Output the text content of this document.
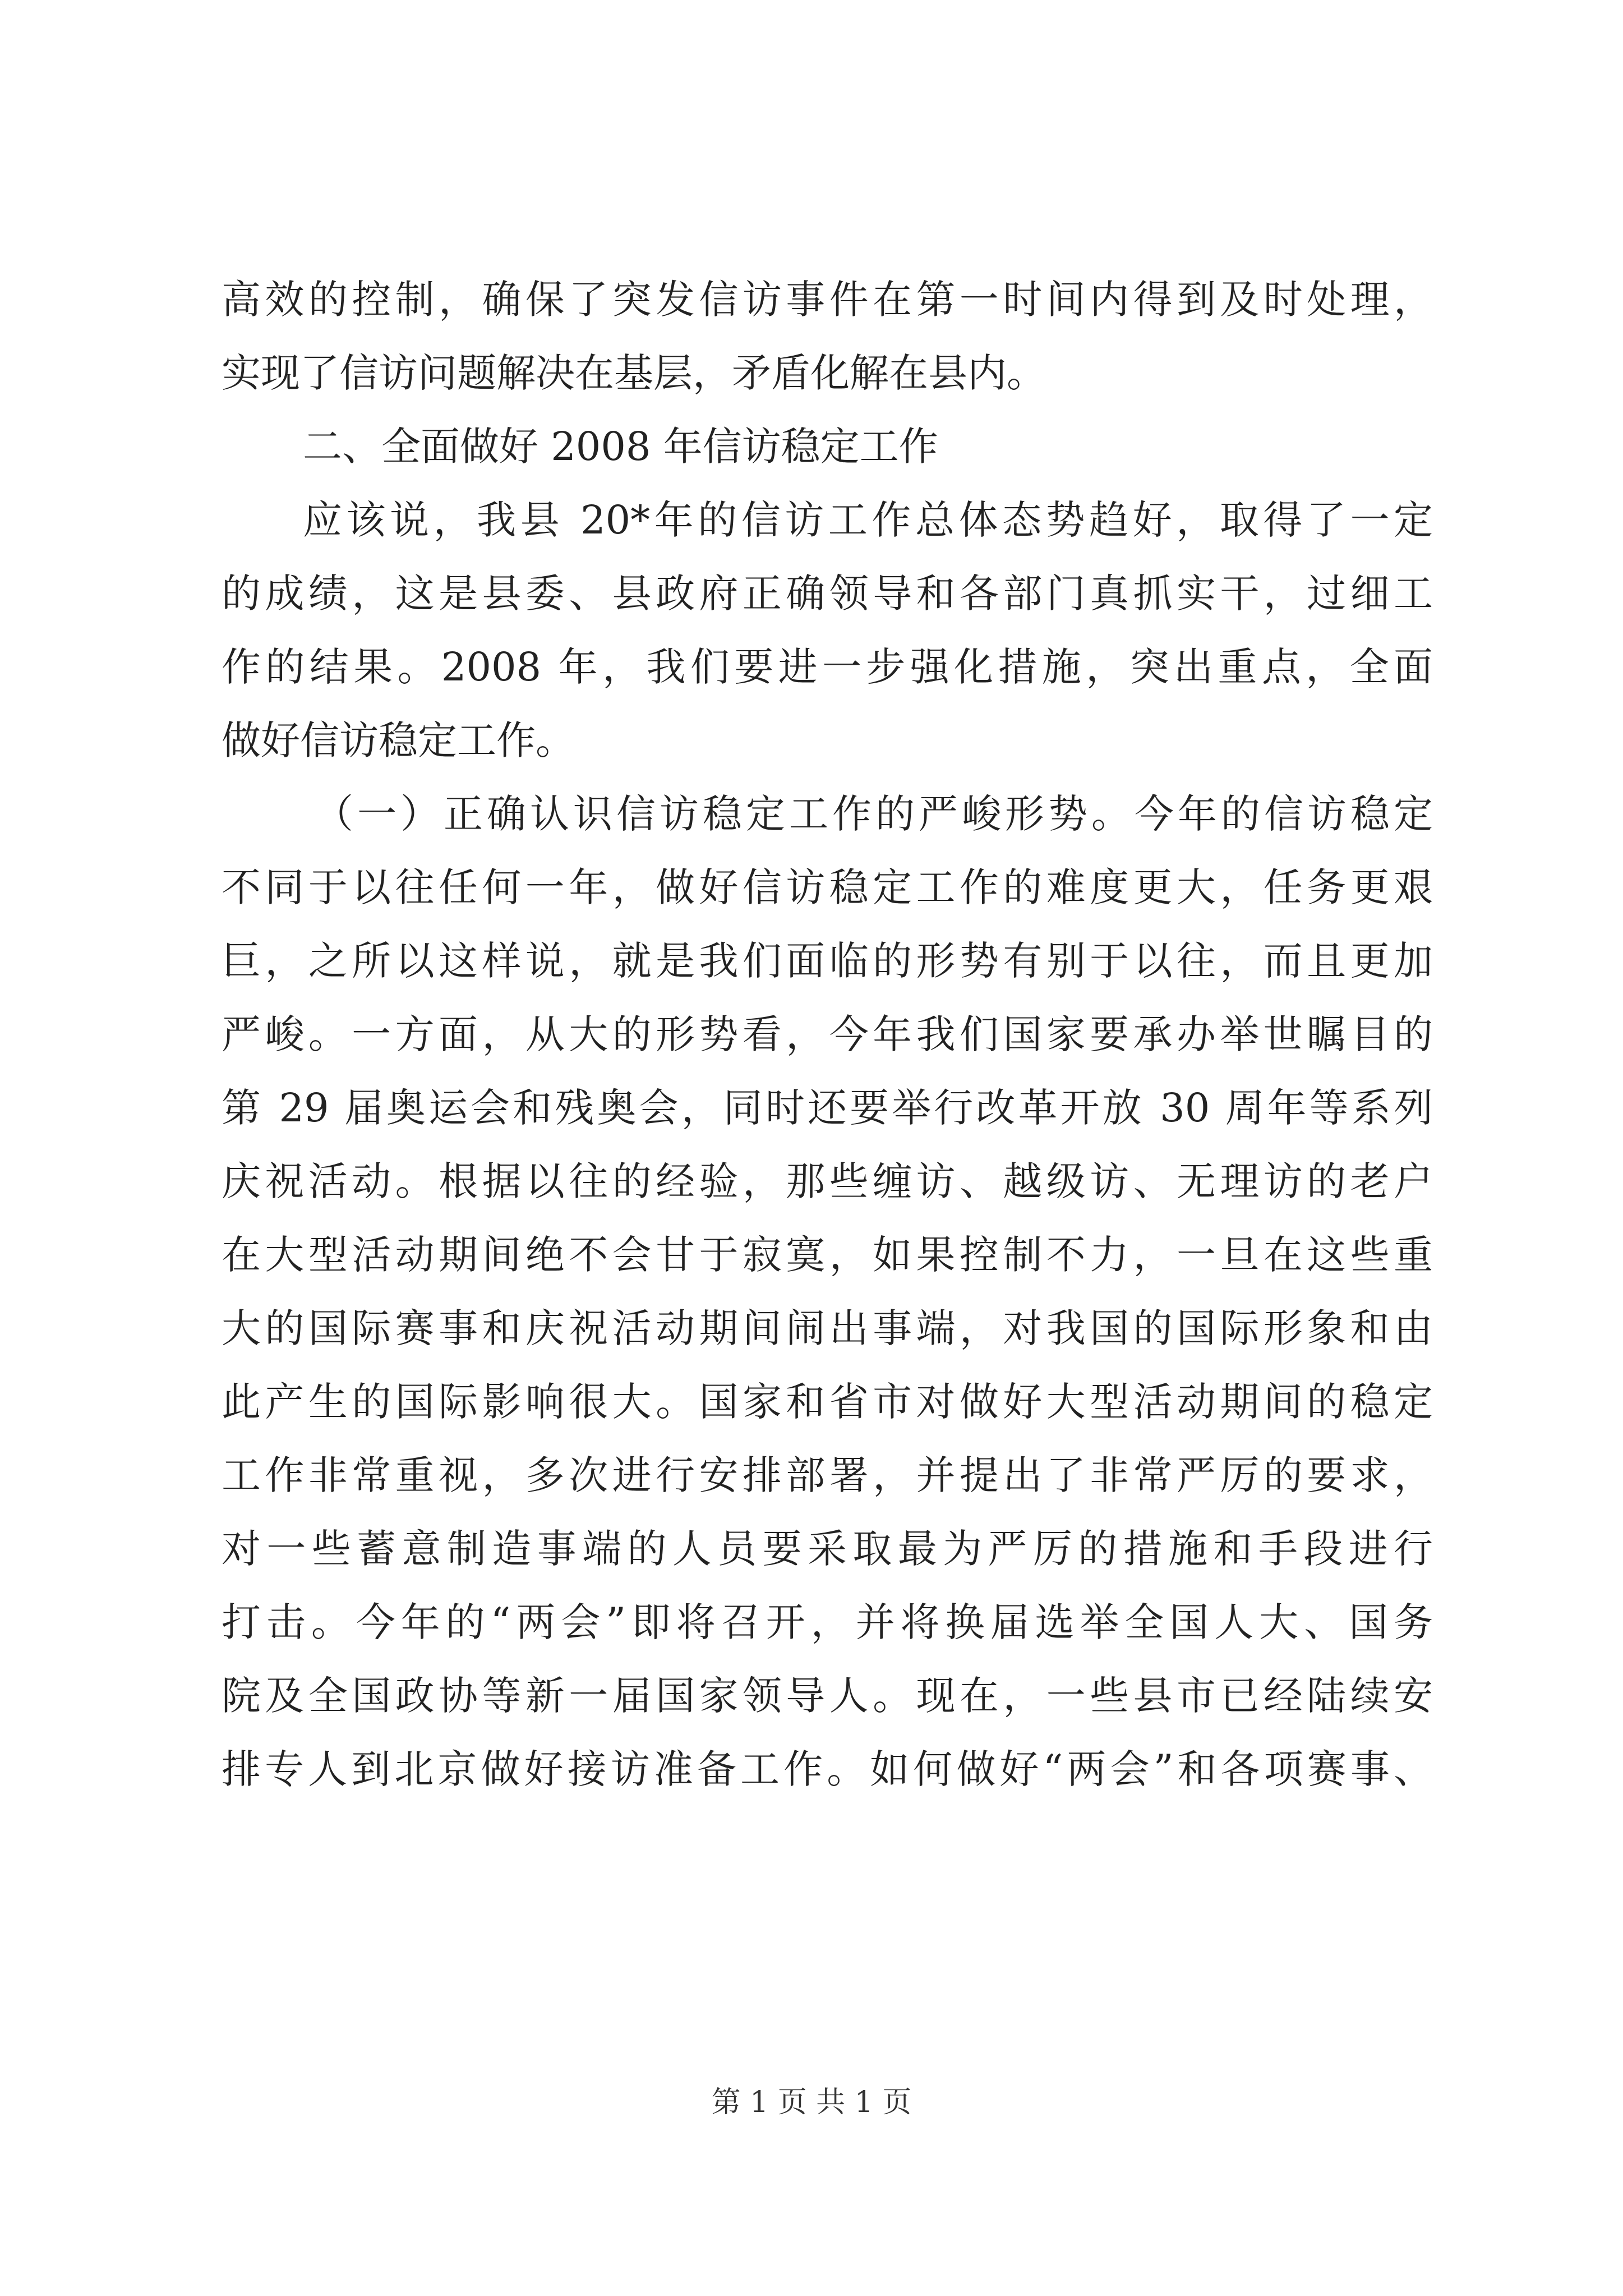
高效的控制，确保了突发信访事件在第一时间内得到及时处理，
实现了信访问题解决在基层，矛盾化解在县内。
二、全面做好 2008 年信访稳定工作
应该说，我县 20*年的信访工作总体态势趋好，取得了一定
的成绩，这是县委、县政府正确领导和各部门真抓实干，过细工
作的结果。2008 年，我们要进一步强化措施，突出重点，全面
做好信访稳定工作。
（一）正确认识信访稳定工作的严峻形势。今年的信访稳定
不同于以往任何一年，做好信访稳定工作的难度更大，任务更艰
巨，之所以这样说，就是我们面临的形势有别于以往，而且更加
严峻。一方面，从大的形势看，今年我们国家要承办举世瞩目的
第 29 届奥运会和残奥会，同时还要举行改革开放 30 周年等系列
庆祝活动。根据以往的经验，那些缠访、越级访、无理访的老户
在大型活动期间绝不会甘于寂寞，如果控制不力，一旦在这些重
大的国际赛事和庆祝活动期间闹出事端，对我国的国际形象和由
此产生的国际影响很大。国家和省市对做好大型活动期间的稳定
工作非常重视，多次进行安排部署，并提出了非常严厉的要求，
对一些蓄意制造事端的人员要采取最为严厉的措施和手段进行
打击。今年的“两会”即将召开，并将换届选举全国人大、国务
院及全国政协等新一届国家领导人。现在，一些县市已经陆续安
排专人到北京做好接访准备工作。如何做好“两会”和各项赛事、
第 1 页 共 1 页
